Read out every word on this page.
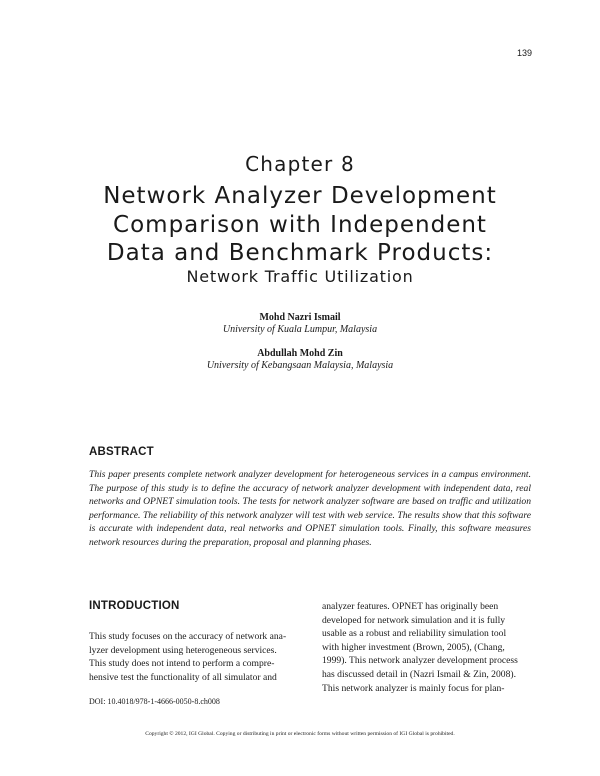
139
Chapter 8
Network Analyzer Development
Comparison with Independent
Data and Benchmark Products:
Network Traffic Utilization
Mohd Nazri Ismail
University of Kuala Lumpur, Malaysia
Abdullah Mohd Zin
University of Kebangsaan Malaysia, Malaysia
ABSTRACT
This paper presents complete network analyzer development for heterogeneous services in a campus environment. The purpose of this study is to define the accuracy of network analyzer development with independent data, real networks and OPNET simulation tools. The tests for network analyzer software are based on traffic and utilization performance. The reliability of this network analyzer will test with web service. The results show that this software is accurate with independent data, real networks and OPNET simulation tools. Finally, this software measures network resources during the preparation, proposal and planning phases.
INTRODUCTION
This study focuses on the accuracy of network ana-
lyzer development using heterogeneous services.
This study does not intend to perform a compre-
hensive test the functionality of all simulator and
analyzer features. OPNET has originally been
developed for network simulation and it is fully
usable as a robust and reliability simulation tool
with higher investment (Brown, 2005), (Chang,
1999). This network analyzer development process
has discussed detail in (Nazri Ismail & Zin, 2008).
This network analyzer is mainly focus for plan-
DOI: 10.4018/978-1-4666-0050-8.ch008
Copyright © 2012, IGI Global. Copying or distributing in print or electronic forms without written permission of IGI Global is prohibited.
